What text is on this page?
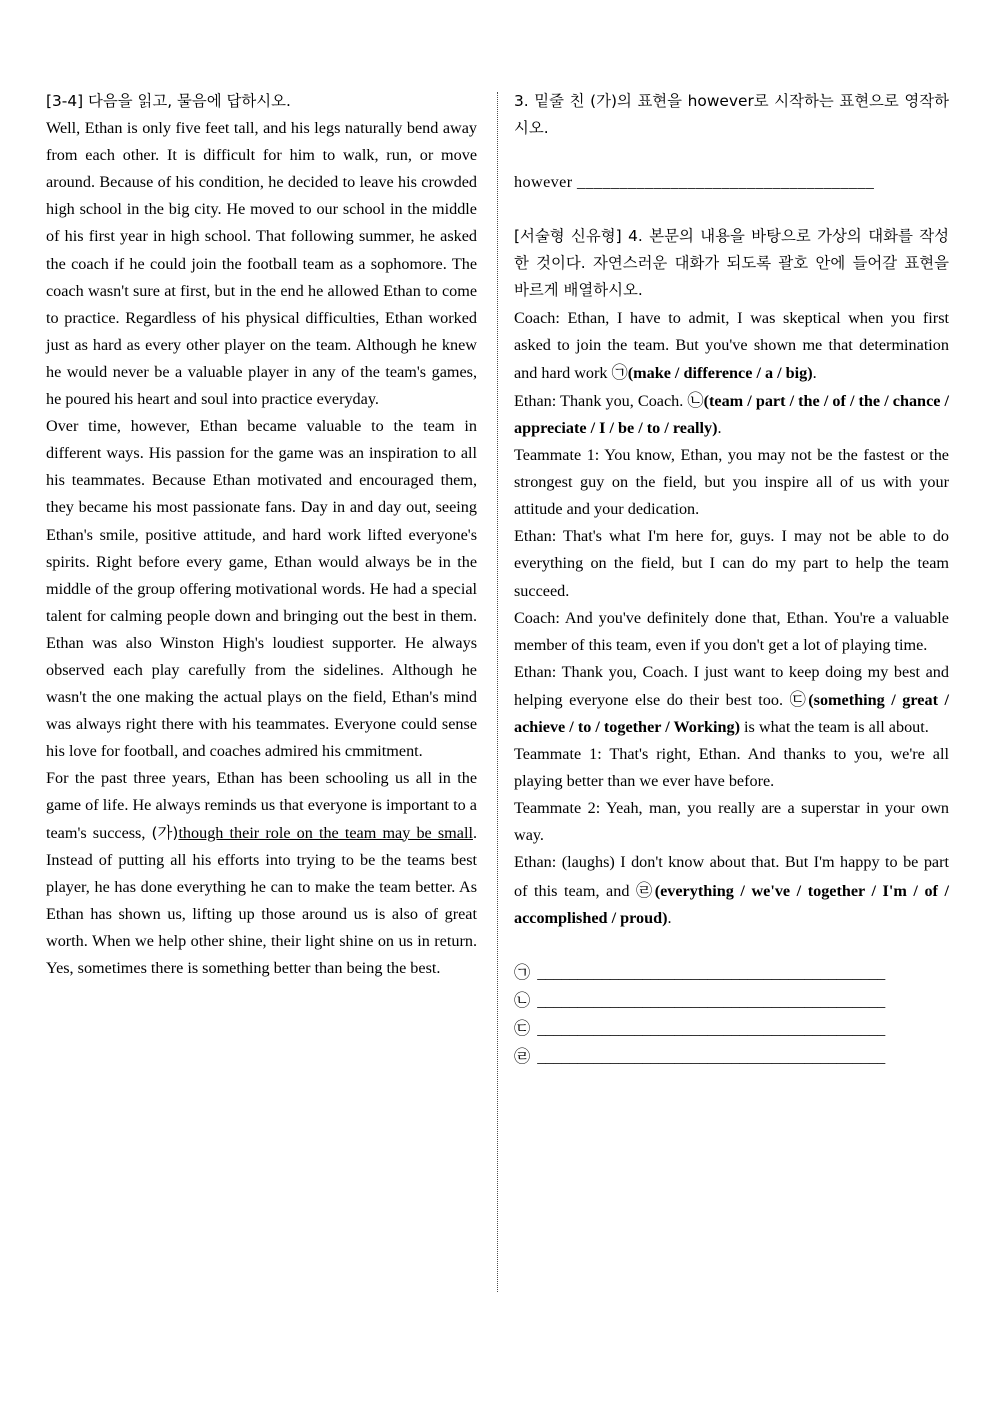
[3-4] 다음을 읽고, 물음에 답하시오.

Well, Ethan is only five feet tall, and his legs naturally bend away from each other. It is difficult for him to walk, run, or move around. Because of his condition, he decided to leave his crowded high school in the big city. He moved to our school in the middle of his first year in high school. That following summer, he asked the coach if he could join the football team as a sophomore. The coach wasn't sure at first, but in the end he allowed Ethan to come to practice. Regardless of his physical difficulties, Ethan worked just as hard as every other player on the team. Although he knew he would never be a valuable player in any of the team's games, he poured his heart and soul into practice everyday.

Over time, however, Ethan became valuable to the team in different ways. His passion for the game was an inspiration to all his teammates. Because Ethan motivated and encouraged them, they became his most passionate fans. Day in and day out, seeing Ethan's smile, positive attitude, and hard work lifted everyone's spirits. Right before every game, Ethan would always be in the middle of the group offering motivational words. He had a special talent for calming people down and bringing out the best in them. Ethan was also Winston High's loudiest supporter. He always observed each play carefully from the sidelines. Although he wasn't the one making the actual plays on the field, Ethan's mind was always right there with his teammates. Everyone could sense his love for football, and coaches admired his cmmitment.

For the past three years, Ethan has been schooling us all in the game of life. He always reminds us that everyone is important to a team's success, (가)though their role on the team may be small. Instead of putting all his efforts into trying to be the teams best player, he has done everything he can to make the team better. As Ethan has shown us, lifting up those around us is also of great worth. When we help other shine, their light shine on us in return. Yes, sometimes there is something better than being the best.

3. 밑줄 친 (가)의 표현을 however로 시작하는 표현으로 영작하시오.

however ___________________________________

[서술형 신유형] 4. 본문의 내용을 바탕으로 가상의 대화를 작성한 것이다. 자연스러운 대화가 되도록 괄호 안에 들어갈 표현을 바르게 배열하시오.

Coach: Ethan, I have to admit, I was skeptical when you first asked to join the team. But you've shown me that determination and hard work ㉠(make / difference / a / big).

Ethan: Thank you, Coach. ㉡(team / part / the / of / the / chance / appreciate / I / be / to / really).

Teammate 1: You know, Ethan, you may not be the fastest or the strongest guy on the field, but you inspire all of us with your attitude and your dedication.

Ethan: That's what I'm here for, guys. I may not be able to do everything on the field, but I can do my part to help the team succeed.

Coach: And you've definitely done that, Ethan. You're a valuable member of this team, even if you don't get a lot of playing time.

Ethan: Thank you, Coach. I just want to keep doing my best and helping everyone else do their best too. ㉢(something / great / achieve / to / together / Working) is what the team is all about.

Teammate 1: That's right, Ethan. And thanks to you, we're all playing better than we ever have before.

Teammate 2: Yeah, man, you really are a superstar in your own way.

Ethan: (laughs) I don't know about that. But I'm happy to be part of this team, and ㉣(everything / we've / together / I'm / of / accomplished / proud).

㉠ ___________________________________________
㉡ ___________________________________________
㉢ ___________________________________________
㉣ ___________________________________________
